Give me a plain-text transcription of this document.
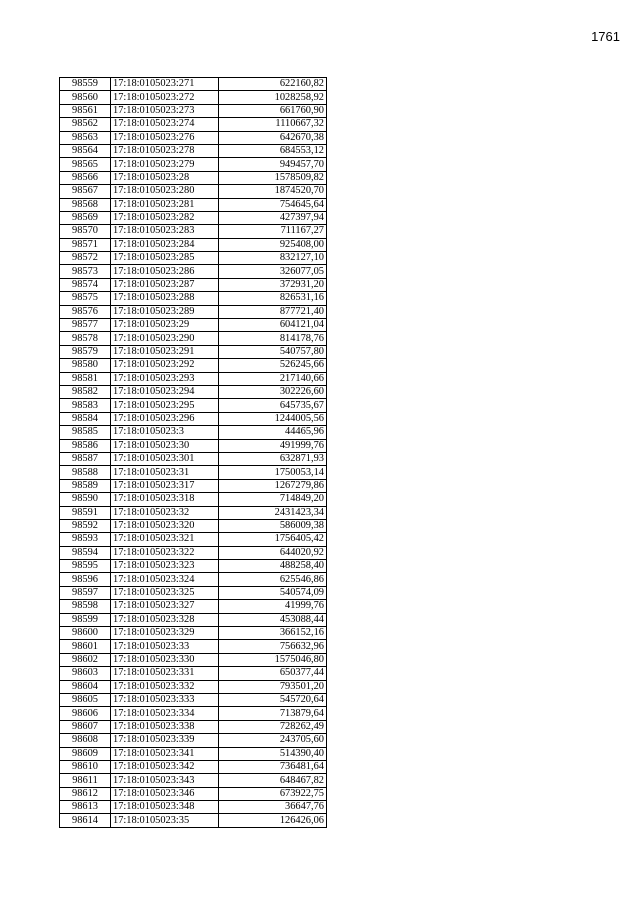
1761
98559	17:18:0105023:271	622160,82
98560	17:18:0105023:272	1028258,92
98561	17:18:0105023:273	661760,90
98562	17:18:0105023:274	1110667,32
98563	17:18:0105023:276	642670,38
98564	17:18:0105023:278	684553,12
98565	17:18:0105023:279	949457,70
98566	17:18:0105023:28	1578509,82
98567	17:18:0105023:280	1874520,70
98568	17:18:0105023:281	754645,64
98569	17:18:0105023:282	427397,94
98570	17:18:0105023:283	711167,27
98571	17:18:0105023:284	925408,00
98572	17:18:0105023:285	832127,10
98573	17:18:0105023:286	326077,05
98574	17:18:0105023:287	372931,20
98575	17:18:0105023:288	826531,16
98576	17:18:0105023:289	877721,40
98577	17:18:0105023:29	604121,04
98578	17:18:0105023:290	814178,76
98579	17:18:0105023:291	540757,80
98580	17:18:0105023:292	526245,66
98581	17:18:0105023:293	217140,66
98582	17:18:0105023:294	302226,60
98583	17:18:0105023:295	645735,67
98584	17:18:0105023:296	1244005,56
98585	17:18:0105023:3	44465,96
98586	17:18:0105023:30	491999,76
98587	17:18:0105023:301	632871,93
98588	17:18:0105023:31	1750053,14
98589	17:18:0105023:317	1267279,86
98590	17:18:0105023:318	714849,20
98591	17:18:0105023:32	2431423,34
98592	17:18:0105023:320	586009,38
98593	17:18:0105023:321	1756405,42
98594	17:18:0105023:322	644020,92
98595	17:18:0105023:323	488258,40
98596	17:18:0105023:324	625546,86
98597	17:18:0105023:325	540574,09
98598	17:18:0105023:327	41999,76
98599	17:18:0105023:328	453088,44
98600	17:18:0105023:329	366152,16
98601	17:18:0105023:33	756632,96
98602	17:18:0105023:330	1575046,80
98603	17:18:0105023:331	650377,44
98604	17:18:0105023:332	793501,20
98605	17:18:0105023:333	545720,64
98606	17:18:0105023:334	713879,64
98607	17:18:0105023:338	728262,49
98608	17:18:0105023:339	243705,60
98609	17:18:0105023:341	514390,40
98610	17:18:0105023:342	736481,64
98611	17:18:0105023:343	648467,82
98612	17:18:0105023:346	673922,75
98613	17:18:0105023:348	36647,76
98614	17:18:0105023:35	126426,06
